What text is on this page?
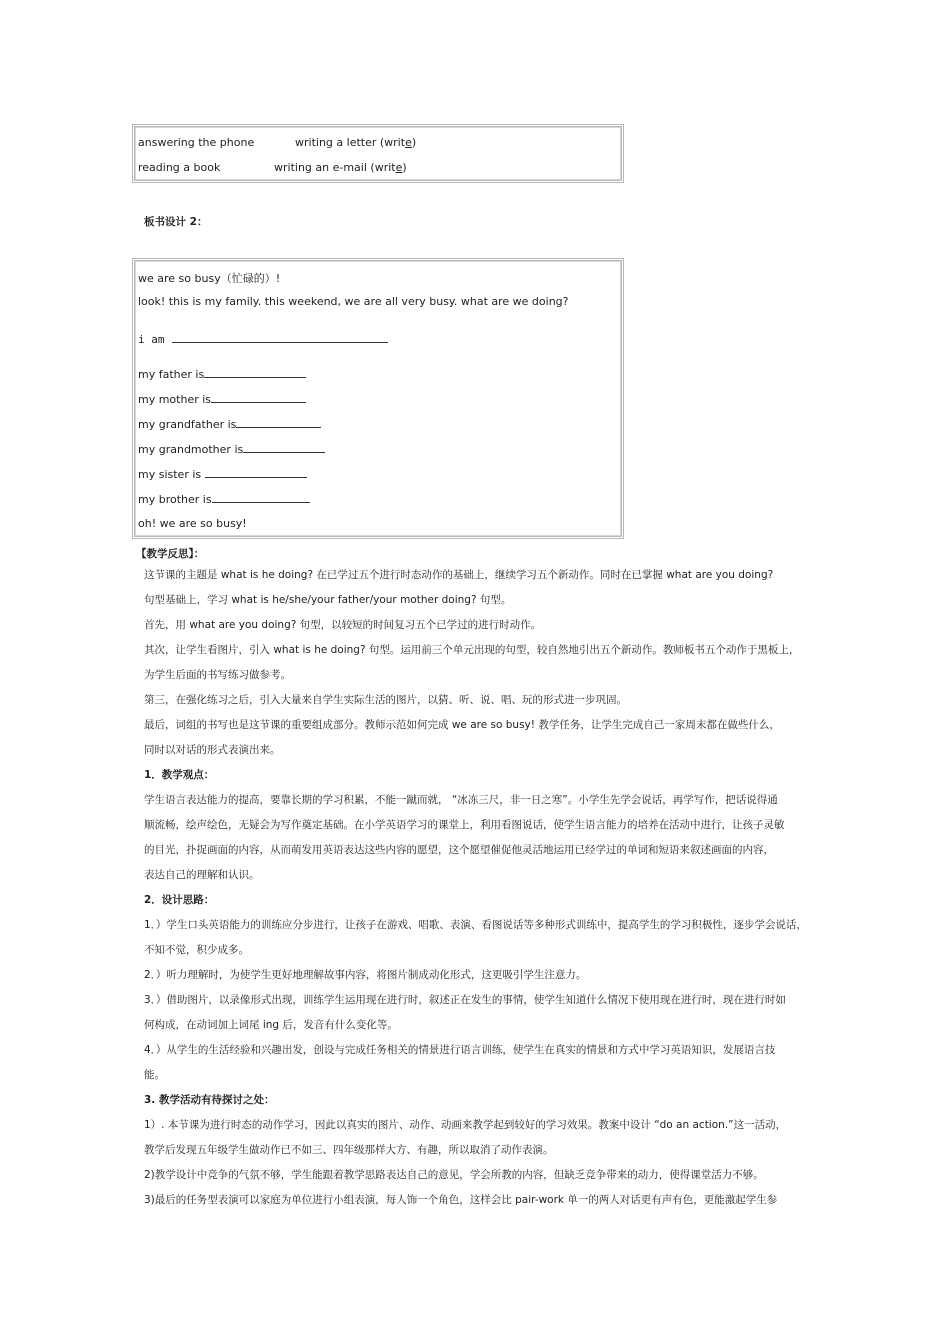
answering the phone	writing a letter (write)
reading a book	writing an e-mail (write)
板书设计 2：
we are so busy（忙碌的）!
look! this is my family. this weekend, we are all very busy. what are we doing?
i am
my father is
my mother is
my grandfather is
my grandmother is
my sister is
my brother is
oh! we are so busy!
【教学反思】：

这节课的主题是 what is he doing? 在已学过五个进行时态动作的基础上，继续学习五个新动作。同时在已掌握 what are you doing?

句型基础上，学习 what is he/she/your father/your mother doing? 句型。

首先，用 what are you doing? 句型，以较短的时间复习五个已学过的进行时动作。

其次，让学生看图片，引入 what is he doing? 句型。运用前三个单元出现的句型，较自然地引出五个新动作。教师板书五个动作于黑板上，

为学生后面的书写练习做参考。

第三，在强化练习之后，引入大量来自学生实际生活的图片，以猜、听、说、唱、玩的形式进一步巩固。

最后，词组的书写也是这节课的重要组成部分。教师示范如何完成 we are so busy! 教学任务，让学生完成自己一家周末都在做些什么，

同时以对话的形式表演出来。

1．教学观点：

学生语言表达能力的提高，要靠长期的学习积累，不能一蹴而就， “冰冻三尺，非一日之寒”。小学生先学会说话，再学写作，把话说得通

顺流畅，绘声绘色，无疑会为写作奠定基础。在小学英语学习的课堂上，利用看图说话，使学生语言能力的培养在活动中进行，让孩子灵敏

的目光，扑捉画面的内容，从而萌发用英语表达这些内容的愿望，这个愿望催促他灵活地运用已经学过的单词和短语来叙述画面的内容，

表达自己的理解和认识。

2．设计思路：

1．）学生口头英语能力的训练应分步进行，让孩子在游戏、唱歌、表演、看图说话等多种形式训练中，提高学生的学习积极性，逐步学会说话，

不知不觉，积少成多。

2．）听力理解时，为使学生更好地理解故事内容，将图片制成动化形式，这更吸引学生注意力。

3．）借助图片，以录像形式出现，训练学生运用现在进行时，叙述正在发生的事情，使学生知道什么情况下使用现在进行时，现在进行时如

何构成，在动词加上词尾 ing 后，发音有什么变化等。

4．）从学生的生活经验和兴趣出发，创设与完成任务相关的情景进行语言训练，使学生在真实的情景和方式中学习英语知识，发展语言技

能。

3. 教学活动有待探讨之处：

1）. 本节课为进行时态的动作学习，因此以真实的图片、动作、动画来教学起到较好的学习效果。教案中设计 “do an action.”这一活动，

教学后发现五年级学生做动作已不如三、四年级那样大方、有趣，所以取消了动作表演。

2)教学设计中竞争的气氛不够，学生能跟着教学思路表达自己的意见，学会所教的内容，但缺乏竞争带来的动力，使得课堂活力不够。

3)最后的任务型表演可以家庭为单位进行小组表演，每人饰一个角色，这样会比 pair-work 单一的两人对话更有声有色，更能激起学生参
